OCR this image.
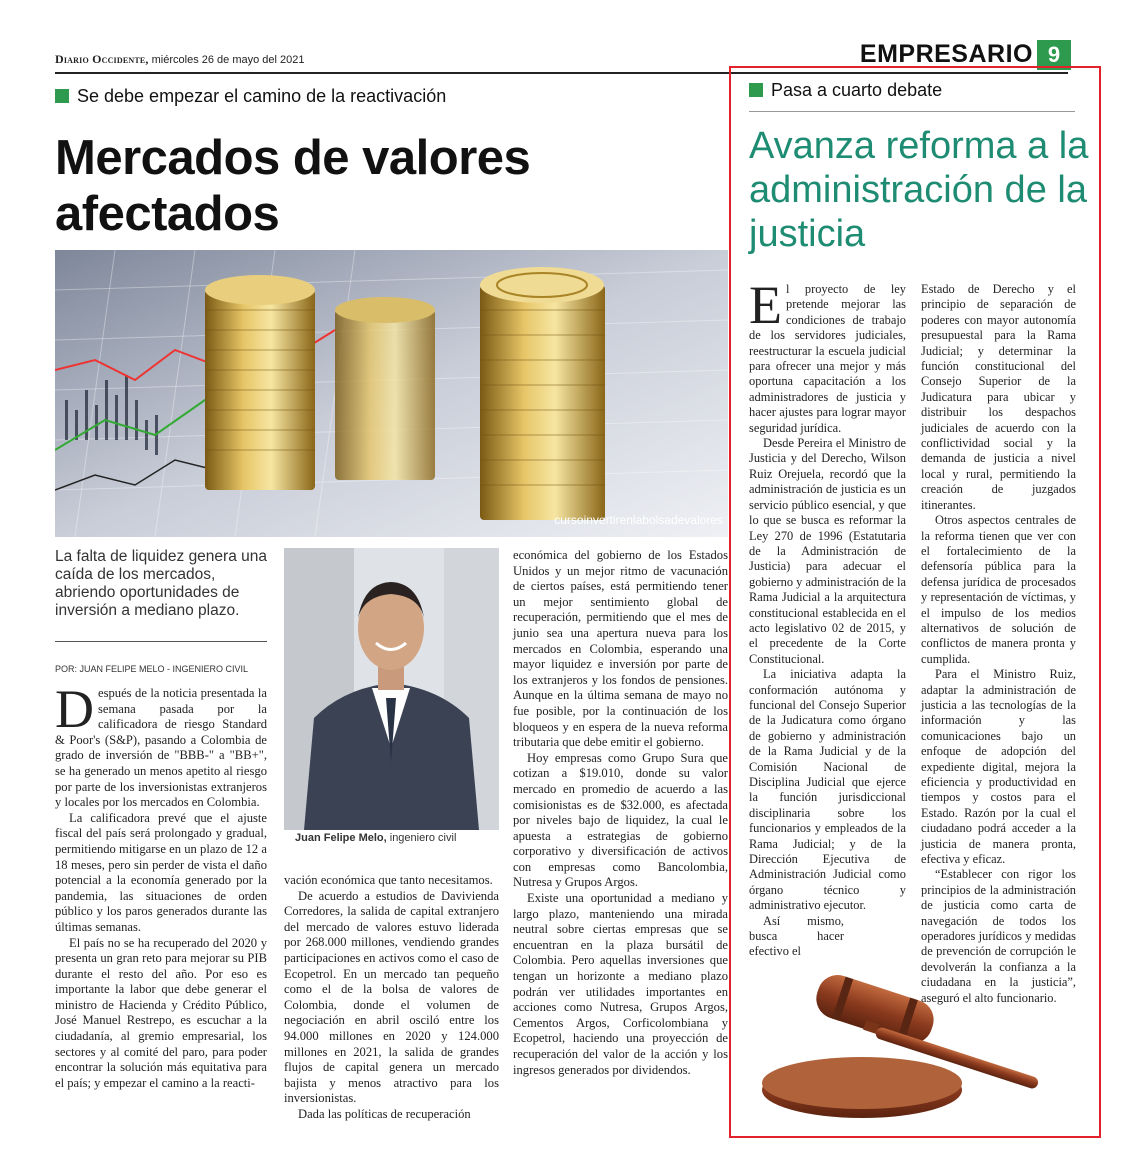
Diario Occidente, miércoles 26 de mayo del 2021	EMPRESARIO 9
Se debe empezar el camino de la reactivación
Mercados de valores afectados
cursoinvertirenlabolsadevalores
La falta de liquidez genera una caída de los mercados, abriendo oportunidades de inversión a mediano plazo.
POR: JUAN FELIPE MELO - INGENIERO CIVIL

Después de la noticia presentada la semana pasada por la calificadora de riesgo Standard & Poor's (S&P), pasando a Colombia de grado de inversión de "BBB-" a "BB+", se ha generado un menos apetito al riesgo por parte de los inversionistas extranjeros y locales por los mercados en Colombia.

La calificadora prevé que el ajuste fiscal del país será prolongado y gradual, permitiendo mitigarse en un plazo de 12 a 18 meses, pero sin perder de vista el daño potencial a la economía generado por la pandemia, las situaciones de orden público y los paros generados durante las últimas semanas.

El país no se ha recuperado del 2020 y presenta un gran reto para mejorar su PIB durante el resto del año. Por eso es importante la labor que debe generar el ministro de Hacienda y Crédito Público, José Manuel Restrepo, es escuchar a la ciudadanía, al gremio empresarial, los sectores y al comité del paro, para poder encontrar la solución más equitativa para el país; y empezar el camino a la reacti-

Juan Felipe Melo, ingeniero civil

vación económica que tanto necesitamos.

De acuerdo a estudios de Davivienda Corredores, la salida de capital extranjero del mercado de valores estuvo liderada por 268.000 millones, vendiendo grandes participaciones en activos como el caso de Ecopetrol. En un mercado tan pequeño como el de la bolsa de valores de Colombia, donde el volumen de negociación en abril osciló entre los 94.000 millones en 2020 y 124.000 millones en 2021, la salida de grandes flujos de capital genera un mercado bajista y menos atractivo para los inversionistas.

Dada las políticas de recuperación

económica del gobierno de los Estados Unidos y un mejor ritmo de vacunación de ciertos países, está permitiendo tener un mejor sentimiento global de recuperación, permitiendo que el mes de junio sea una apertura nueva para los mercados en Colombia, esperando una mayor liquidez e inversión por parte de los extranjeros y los fondos de pensiones. Aunque en la última semana de mayo no fue posible, por la continuación de los bloqueos y en espera de la nueva reforma tributaria que debe emitir el gobierno.

Hoy empresas como Grupo Sura que cotizan a $19.010, donde su valor mercado en promedio de acuerdo a las comisionistas es de $32.000, es afectada por niveles bajo de liquidez, la cual le apuesta a estrategias de gobierno corporativo y diversificación de activos con empresas como Bancolombia, Nutresa y Grupos Argos.

Existe una oportunidad a mediano y largo plazo, manteniendo una mirada neutral sobre ciertas empresas que se encuentran en la plaza bursátil de Colombia. Pero aquellas inversiones que tengan un horizonte a mediano plazo podrán ver utilidades importantes en acciones como Nutresa, Grupos Argos, Cementos Argos, Corficolombiana y Ecopetrol, haciendo una proyección de recuperación del valor de la acción y los ingresos generados por dividendos.

Pasa a cuarto debate
Avanza reforma a la administración de la justicia

El proyecto de ley pretende mejorar las condiciones de trabajo de los servidores judiciales, reestructurar la escuela judicial para ofrecer una mejor y más oportuna capacitación a los administradores de justicia y hacer ajustes para lograr mayor seguridad jurídica.

Desde Pereira el Ministro de Justicia y del Derecho, Wilson Ruiz Orejuela, recordó que la administración de justicia es un servicio público esencial, y que lo que se busca es reformar la Ley 270 de 1996 (Estatutaria de la Administración de Justicia) para adecuar el gobierno y administración de la Rama Judicial a la arquitectura constitucional establecida en el acto legislativo 02 de 2015, y el precedente de la Corte Constitucional.

La iniciativa adapta la conformación autónoma y funcional del Consejo Superior de la Judicatura como órgano de gobierno y administración de la Rama Judicial y de la Comisión Nacional de Disciplina Judicial que ejerce la función jurisdiccional disciplinaria sobre los funcionarios y empleados de la Rama Judicial; y de la Dirección Ejecutiva de Administración Judicial como órgano técnico y administrativo ejecutor.

Así mismo, busca hacer efectivo el

Estado de Derecho y el principio de separación de poderes con mayor autonomía presupuestal para la Rama Judicial; y determinar la función constitucional del Consejo Superior de la Judicatura para ubicar y distribuir los despachos judiciales de acuerdo con la conflictividad social y la demanda de justicia a nivel local y rural, permitiendo la creación de juzgados itinerantes.

Otros aspectos centrales de la reforma tienen que ver con el fortalecimiento de la defensoría pública para la defensa jurídica de procesados y representación de víctimas, y el impulso de los medios alternativos de solución de conflictos de manera pronta y cumplida.

Para el Ministro Ruiz, adaptar la administración de justicia a las tecnologías de la información y las comunicaciones bajo un enfoque de adopción del expediente digital, mejora la eficiencia y productividad en tiempos y costos para el Estado. Razón por la cual el ciudadano podrá acceder a la justicia de manera pronta, efectiva y eficaz.

“Establecer con rigor los principios de la administración de justicia como carta de navegación de todos los operadores jurídicos y medidas de prevención de corrupción le devolverán la confianza a la ciudadana en la justicia”, aseguró el alto funcionario.
